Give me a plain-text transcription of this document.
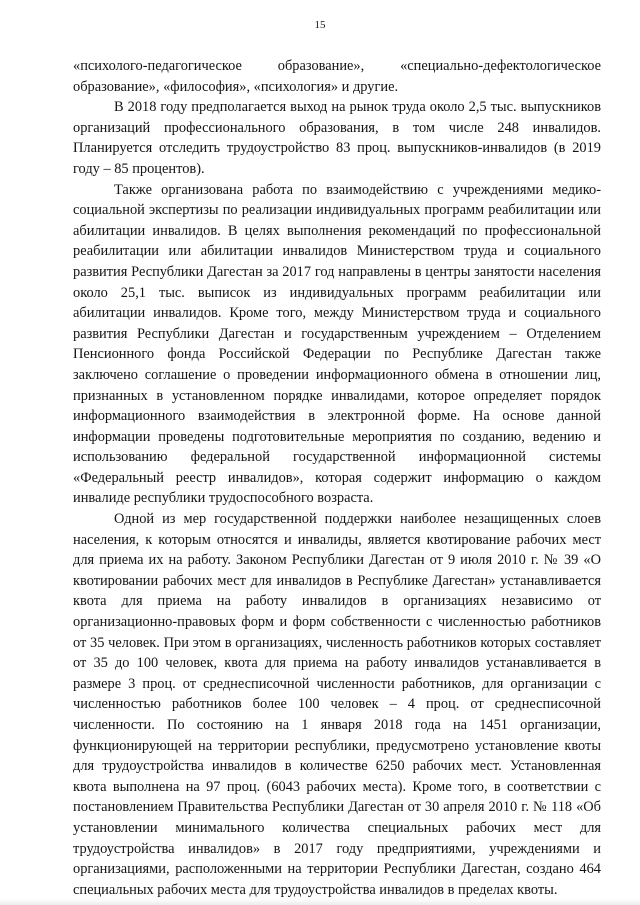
15

«психолого-педагогическое образование», «специально-дефектологическое образование», «философия», «психология» и другие.

В 2018 году предполагается выход на рынок труда около 2,5 тыс. выпускников организаций профессионального образования, в том числе 248 инвалидов. Планируется отследить трудоустройство 83 проц. выпускников-инвалидов (в 2019 году – 85 процентов).

Также организована работа по взаимодействию с учреждениями медико-социальной экспертизы по реализации индивидуальных программ реабилитации или абилитации инвалидов. В целях выполнения рекомендаций по профессиональной реабилитации или абилитации инвалидов Министерством труда и социального развития Республики Дагестан за 2017 год направлены в центры занятости населения около 25,1 тыс. выписок из индивидуальных программ реабилитации или абилитации инвалидов. Кроме того, между Министерством труда и социального развития Республики Дагестан и государственным учреждением – Отделением Пенсионного фонда Российской Федерации по Республике Дагестан также заключено соглашение о проведении информационного обмена в отношении лиц, признанных в установленном порядке инвалидами, которое определяет порядок информационного взаимодействия в электронной форме. На основе данной информации проведены подготовительные мероприятия по созданию, ведению и использованию федеральной государственной информационной системы «Федеральный реестр инвалидов», которая содержит информацию о каждом инвалиде республики трудоспособного возраста.

Одной из мер государственной поддержки наиболее незащищенных слоев населения, к которым относятся и инвалиды, является квотирование рабочих мест для приема их на работу. Законом Республики Дагестан от 9 июля 2010 г. № 39 «О квотировании рабочих мест для инвалидов в Республике Дагестан» устанавливается квота для приема на работу инвалидов в организациях независимо от организационно-правовых форм и форм собственности с численностью работников от 35 человек. При этом в организациях, численность работников которых составляет от 35 до 100 человек, квота для приема на работу инвалидов устанавливается в размере 3 проц. от среднесписочной численности работников, для организации с численностью работников более 100 человек – 4 проц. от среднесписочной численности. По состоянию на 1 января 2018 года на 1451 организации, функционирующей на территории республики, предусмотрено установление квоты для трудоустройства инвалидов в количестве 6250 рабочих мест. Установленная квота выполнена на 97 проц. (6043 рабочих места). Кроме того, в соответствии с постановлением Правительства Республики Дагестан от 30 апреля 2010 г. № 118 «Об установлении минимального количества специальных рабочих мест для трудоустройства инвалидов» в 2017 году предприятиями, учреждениями и организациями, расположенными на территории Республики Дагестан, создано 464 специальных рабочих места для трудоустройства инвалидов в пределах квоты.
